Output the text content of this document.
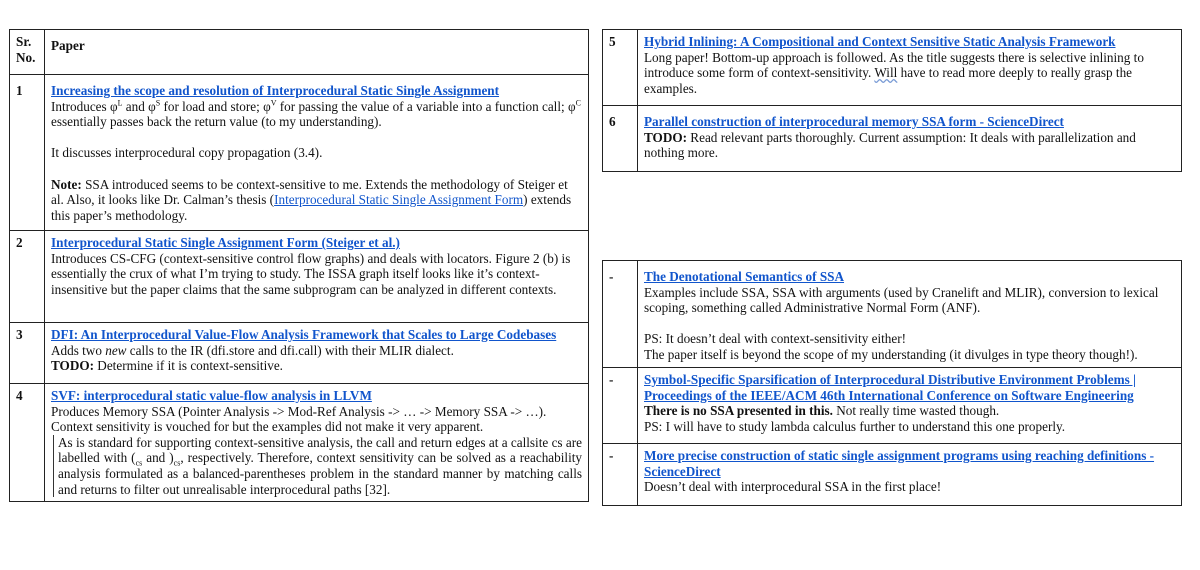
Sr. No.	Paper
1	Increasing the scope and resolution of Interprocedural Static Single Assignment
Introduces $\varphi^L$ and $\varphi^S$ for load and store; $\varphi^V$ for passing the value of a variable into a function call; $\varphi^C$ essentially passes back the return value (to my understanding).
It discusses interprocedural copy propagation (3.4).
Note: SSA introduced seems to be context-sensitive to me. Extends the methodology of Steiger et al. Also, it looks like Dr. Calman’s thesis (Interprocedural Static Single Assignment Form) extends this paper’s methodology.

2	Interprocedural Static Single Assignment Form (Steiger et al.)
Introduces CS-CFG (context-sensitive control flow graphs) and deals with locators. Figure 2 (b) is essentially the crux of what I’m trying to study. The ISSA graph itself looks like it’s context-insensitive but the paper claims that the same subprogram can be analyzed in different contexts.
3	DFI: An Interprocedural Value-Flow Analysis Framework that Scales to Large Codebases
Adds two new calls to the IR (dfi.store and dfi.call) with their MLIR dialect.
TODO: Determine if it is context-sensitive.
4	SVF: interprocedural static value-flow analysis in LLVM
Produces Memory SSA (Pointer Analysis -> Mod-Ref Analysis -> … -> Memory SSA -> …).
Context sensitivity is vouched for but the examples did not make it very apparent.
As is standard for supporting context-sensitive analysis, the call and return edges at a callsite cs are labelled with ($_{cs}$ and )$_{cs}$, respectively. Therefore, context sensitivity can be solved as a reachability analysis formulated as a balanced-parentheses problem in the standard manner by matching calls and returns to filter out unrealisable interprocedural paths [32].
5	Hybrid Inlining: A Compositional and Context Sensitive Static Analysis Framework
Long paper! Bottom-up approach is followed. As the title suggests there is selective inlining to introduce some form of context-sensitivity. Will have to read more deeply to really grasp the examples.
6	Parallel construction of interprocedural memory SSA form - ScienceDirect
TODO: Read relevant parts thoroughly. Current assumption: It deals with parallelization and nothing more.
-	The Denotational Semantics of SSA
Examples include SSA, SSA with arguments (used by Cranelift and MLIR), conversion to lexical scoping, something called Administrative Normal Form (ANF).
PS: It doesn’t deal with context-sensitivity either!
The paper itself is beyond the scope of my understanding (it divulges in type theory though!).
-	Symbol-Specific Sparsification of Interprocedural Distributive Environment Problems | Proceedings of the IEEE/ACM 46th International Conference on Software Engineering
There is no SSA presented in this. Not really time wasted though.
PS: I will have to study lambda calculus further to understand this one properly.
-	More precise construction of static single assignment programs using reaching definitions - ScienceDirect
Doesn’t deal with interprocedural SSA in the first place!
